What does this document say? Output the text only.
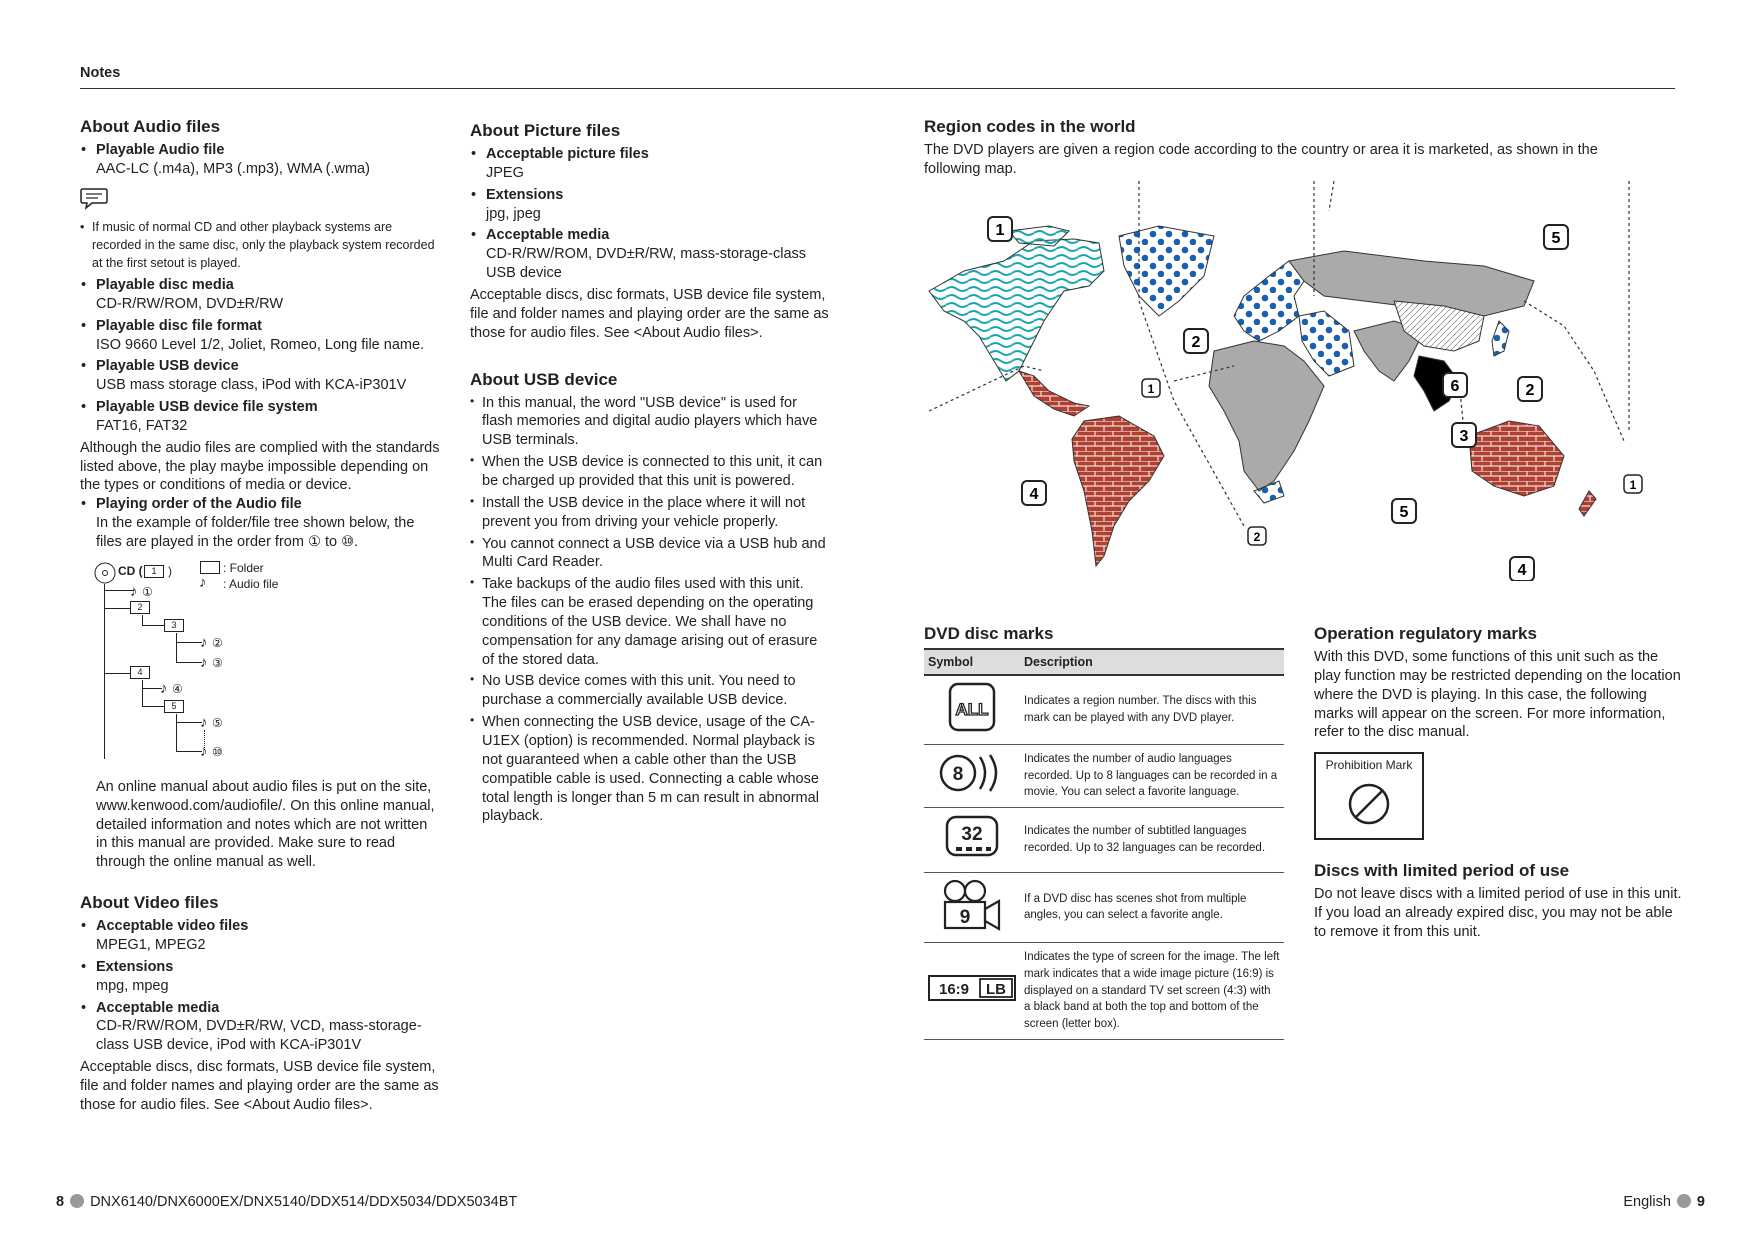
Notes
About Audio files
• Playable Audio file
AAC-LC (.m4a), MP3 (.mp3), WMA (.wma)
• If music of normal CD and other playback systems are recorded in the same disc, only the playback system recorded at the first setout is played.
• Playable disc media
CD-R/RW/ROM, DVD±R/RW
• Playable disc file format
ISO 9660 Level 1/2, Joliet, Romeo, Long file name.
• Playable USB device
USB mass storage class, iPod with KCA-iP301V
• Playable USB device file system
FAT16, FAT32
Although the audio files are complied with the standards listed above, the play maybe impossible depending on the types or conditions of media or device.
• Playing order of the Audio file
In the example of folder/file tree shown below, the files are played in the order from ① to ⑩.
CD ( 1 )	: Folder
♪ : Audio file
♪ ①
2
3
♪ ②
♪ ③
4
♪ ④
5
♪ ⑤
♪ ⑩
An online manual about audio files is put on the site, www.kenwood.com/audiofile/. On this online manual, detailed information and notes which are not written in this manual are provided. Make sure to read through the online manual as well.
About Video files
• Acceptable video files
MPEG1, MPEG2
• Extensions
mpg, mpeg
• Acceptable media
CD-R/RW/ROM, DVD±R/RW, VCD, mass-storage-class USB device, iPod with KCA-iP301V
Acceptable discs, disc formats, USB device file system, file and folder names and playing order are the same as those for audio files. See <About Audio files>.
About Picture files
• Acceptable picture files
JPEG
• Extensions
jpg, jpeg
• Acceptable media
CD-R/RW/ROM, DVD±R/RW, mass-storage-class USB device
Acceptable discs, disc formats, USB device file system, file and folder names and playing order are the same as those for audio files. See <About Audio files>.
About USB device
• In this manual, the word "USB device" is used for flash memories and digital audio players which have USB terminals.
• When the USB device is connected to this unit, it can be charged up provided that this unit is powered.
• Install the USB device in the place where it will not prevent you from driving your vehicle properly.
• You cannot connect a USB device via a USB hub and Multi Card Reader.
• Take backups of the audio files used with this unit. The files can be erased depending on the operating conditions of the USB device. We shall have no compensation for any damage arising out of erasure of the stored data.
• No USB device comes with this unit. You need to purchase a commercially available USB device.
• When connecting the USB device, usage of the CA-U1EX (option) is recommended. Normal playback is not guaranteed when a cable other than the USB compatible cable is used. Connecting a cable whose total length is longer than 5 m can result in abnormal playback.
Region codes in the world
The DVD players are given a region code according to the country or area it is marketed, as shown in the following map.
1	5
2
1	6	2
3
4
5
1
2
4
DVD disc marks
Symbol	Description

ALL	Indicates a region number. The discs with this mark can be played with any DVD player.

8	Indicates the number of audio languages recorded. Up to 8 languages can be recorded in a movie. You can select a favorite language.

32	Indicates the number of subtitled languages recorded. Up to 32 languages can be recorded.

9	If a DVD disc has scenes shot from multiple angles, you can select a favorite angle.

16:9 LB	Indicates the type of screen for the image. The left mark indicates that a wide image picture (16:9) is displayed on a standard TV set screen (4:3) with a black band at both the top and bottom of the screen (letter box).
Operation regulatory marks
With this DVD, some functions of this unit such as the play function may be restricted depending on the location where the DVD is playing. In this case, the following marks will appear on the screen. For more information, refer to the disc manual.
Prohibition Mark
Discs with limited period of use
Do not leave discs with a limited period of use in this unit. If you load an already expired disc, you may not be able to remove it from this unit.
8 DNX6140/DNX6000EX/DNX5140/DDX514/DDX5034/DDX5034BT	English 9
